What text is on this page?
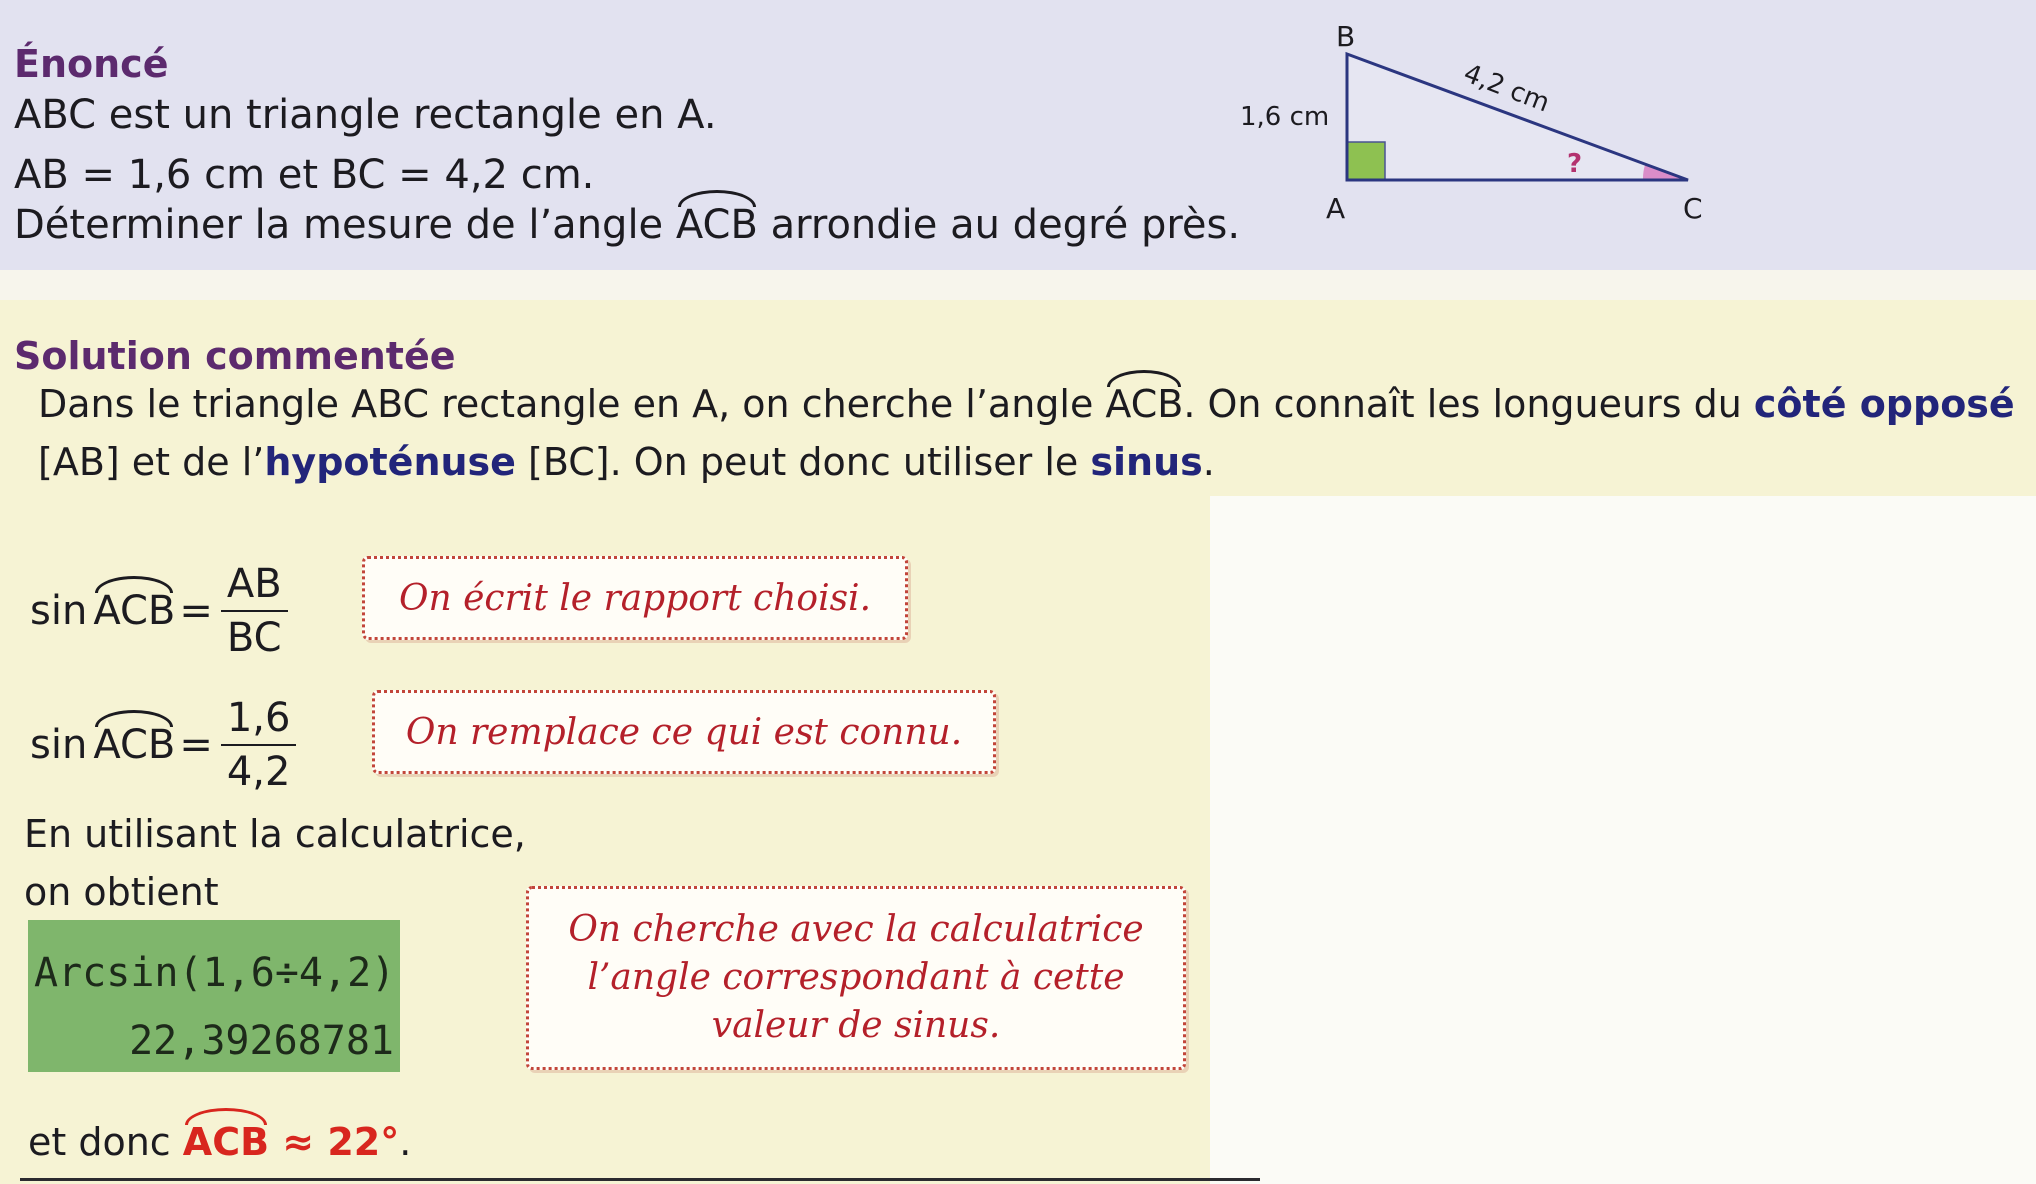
Énoncé
ABC est un triangle rectangle en A.
AB = 1,6 cm et BC = 4,2 cm.
Déterminer la mesure de l’angle ACB arrondie au degré près.
B
A	C
1,6 cm	4,2 cm
?
Solution commentée
Dans le triangle ABC rectangle en A, on cherche l’angle ACB. On connaît les longueurs du côté opposé
[AB] et de l’hypoténuse [BC]. On peut donc utiliser le sinus.
sin ACB = $\frac{AB}{BC}$	On écrit le rapport choisi.
sin ACB = $\frac{1,6}{4,2}$	On remplace ce qui est connu.
En utilisant la calculatrice,
on obtient
Arcsin(1,6÷4,2)
22,39268781
On cherche avec la calculatrice
l’angle correspondant à cette
valeur de sinus.
et donc ACB ≈ 22°.
